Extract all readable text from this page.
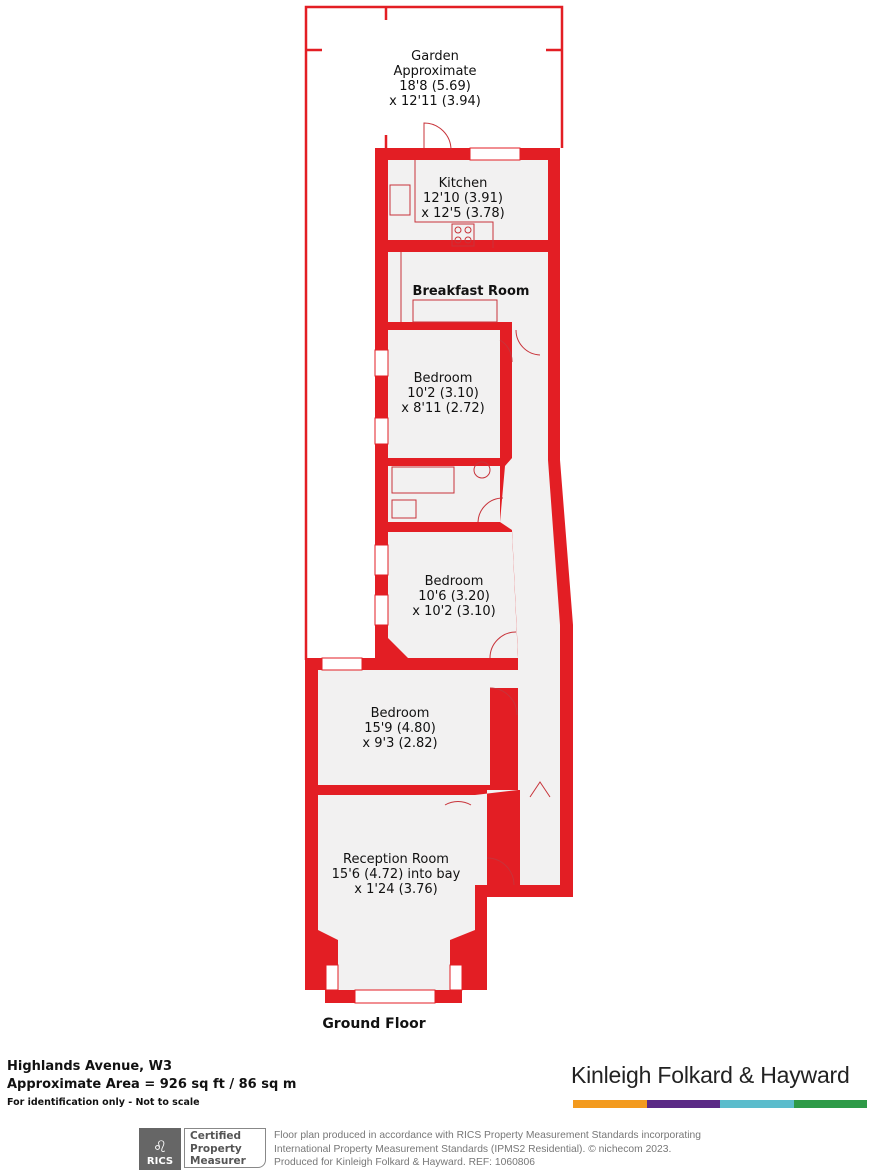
Garden Approximate 18'8 (5.69) x 12'11 (3.94)
Kitchen 12'10 (3.91) x 12'5 (3.78)
Breakfast Room
Bedroom 10'2 (3.10) x 8'11 (2.72)
Bedroom 10'6 (3.20) x 10'2 (3.10)
Bedroom 15'9 (4.80) x 9'3 (2.82)
Reception Room 15'6 (4.72) into bay x 1'24 (3.76)
Ground Floor
Highlands Avenue, W3
Approximate Area = 926 sq ft / 86 sq m
For identification only - Not to scale
Kinleigh Folkard & Hayward
♌
RICS
Certified
Property
Measurer
Floor plan produced in accordance with RICS Property Measurement Standards incorporating
International Property Measurement Standards (IPMS2 Residential). © nichecom 2023.
Produced for Kinleigh Folkard & Hayward. REF: 1060806
